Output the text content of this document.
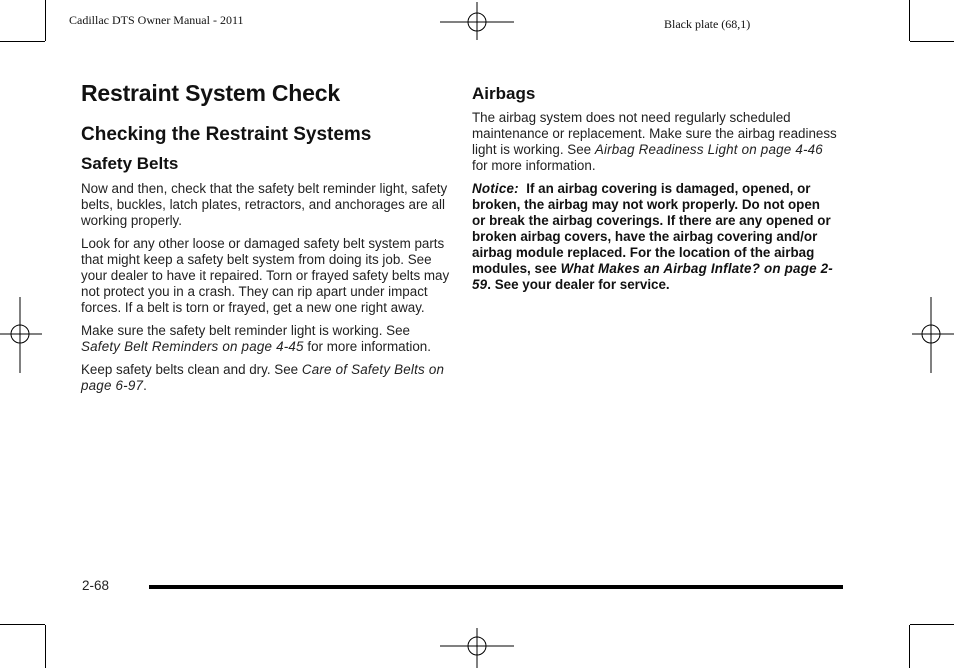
Cadillac DTS Owner Manual - 2011	Black plate (68,1)
Restraint System Check
Checking the Restraint Systems
Safety Belts

Now and then, check that the safety belt reminder light, safety belts, buckles, latch plates, retractors, and anchorages are all working properly.

Look for any other loose or damaged safety belt system parts that might keep a safety belt system from doing its job. See your dealer to have it repaired. Torn or frayed safety belts may not protect you in a crash. They can rip apart under impact forces. If a belt is torn or frayed, get a new one right away.

Make sure the safety belt reminder light is working. See Safety Belt Reminders on page 4-45 for more information.

Keep safety belts clean and dry. See Care of Safety Belts on page 6-97.

Airbags

The airbag system does not need regularly scheduled maintenance or replacement. Make sure the airbag readiness light is working. See Airbag Readiness Light on page 4-46 for more information.

Notice:  If an airbag covering is damaged, opened, or broken, the airbag may not work properly. Do not open or break the airbag coverings. If there are any opened or broken airbag covers, have the airbag covering and/or airbag module replaced. For the location of the airbag modules, see What Makes an Airbag Inflate? on page 2-59. See your dealer for service.

2-68
